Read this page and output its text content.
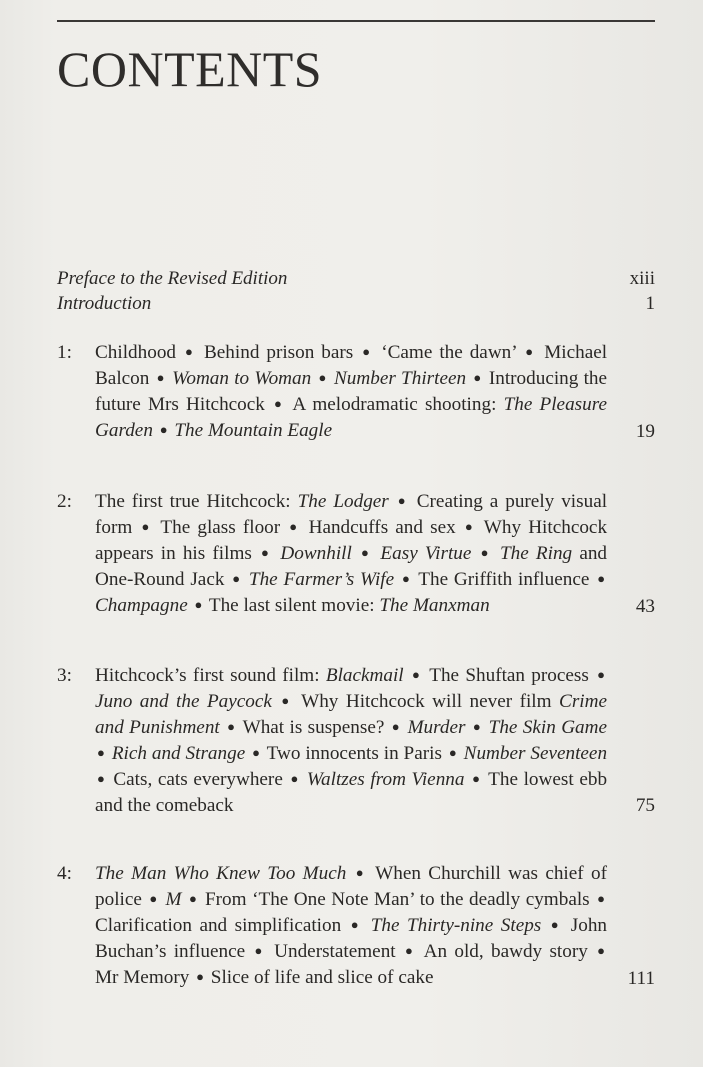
CONTENTS
Preface to the Revised Edition	xiii
Introduction	1
1:	Childhood ● Behind prison bars ● ‘Came the dawn’ ● Michael Balcon ● Woman to Woman ● Number Thirteen ● Introducing the future Mrs Hitchcock ● A melodramatic shooting: The Pleasure Garden ● The Mountain Eagle	19
2:	The first true Hitchcock: The Lodger ● Creating a purely visual form ● The glass floor ● Handcuffs and sex ● Why Hitchcock appears in his films ● Downhill ● Easy Virtue ● The Ring and One-Round Jack ● The Farmer’s Wife ● The Griffith influence ● Champagne ● The last silent movie: The Manxman	43
3:	Hitchcock’s first sound film: Blackmail ● The Shuftan process ● Juno and the Paycock ● Why Hitchcock will never film Crime and Punishment ● What is suspense? ● Murder ● The Skin Game ● Rich and Strange ● Two innocents in Paris ● Number Seventeen ● Cats, cats everywhere ● Waltzes from Vienna ● The lowest ebb and the comeback	75
4:	The Man Who Knew Too Much ● When Churchill was chief of police ● M ● From ‘The One Note Man’ to the deadly cymbals ● Clarification and simplification ● The Thirty-nine Steps ● John Buchan’s influence ● Understatement ● An old, bawdy story ● Mr Memory ● Slice of life and slice of cake	111
